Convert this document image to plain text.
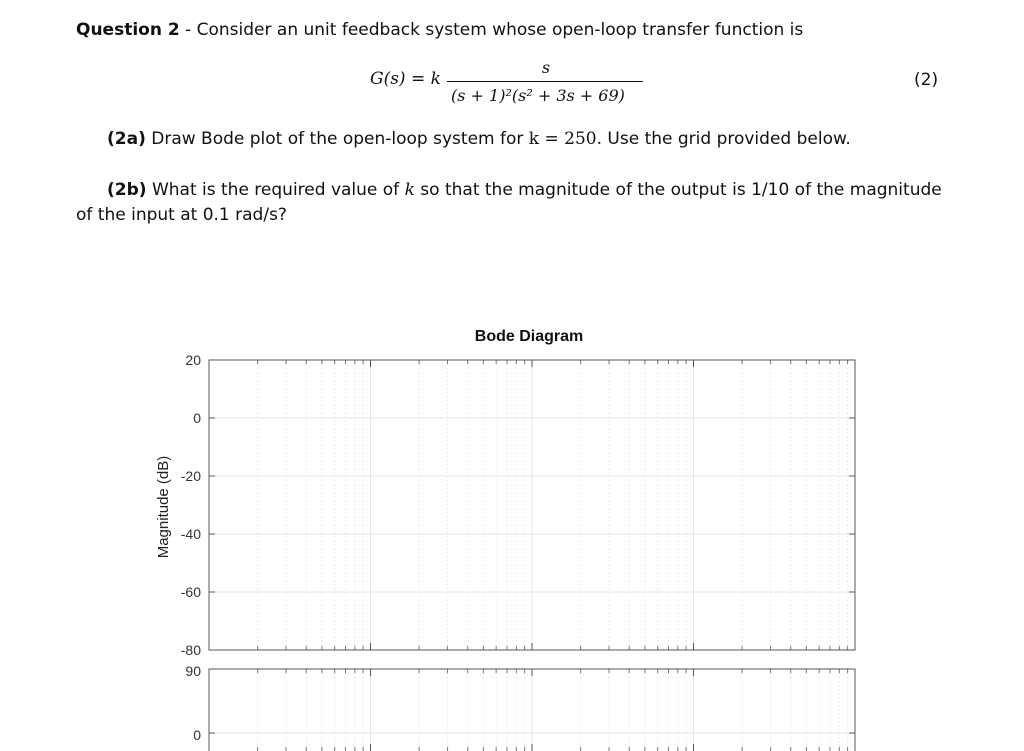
Question 2 - Consider an unit feedback system whose open-loop transfer function is
G(s) = k
s
(s + 1)²(s² + 3s + 69)
(2)
(2a) Draw Bode plot of the open-loop system for k = 250. Use the grid provided below.
(2b) What is the required value of k so that the magnitude of the output is 1/10 of the magnitude
of the input at 0.1 rad/s?
Bode Diagram
20
0
-20
-40
-60
-80
90
0
Magnitude (dB)
